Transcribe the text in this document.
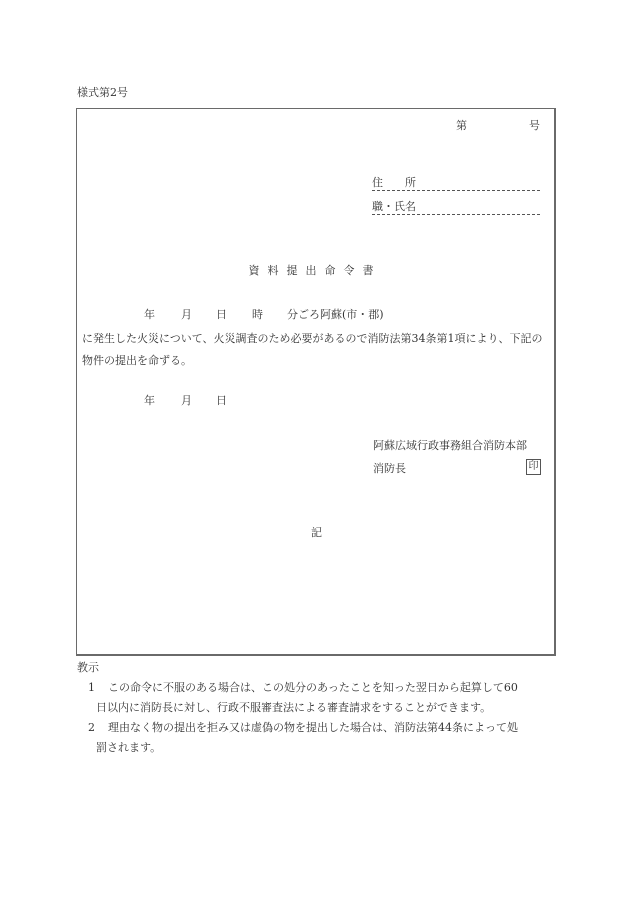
様式第2号
第	号
住　　所
職・氏名
資料提出命令書
年 月 日 時 分ごろ阿蘇(市・郡)
に発生した火災について、火災調査のため必要があるので消防法第34条第1項により、下記の物件の提出を命ずる。
年 月 日
阿蘇広域行政事務組合消防本部
消防長	印
記
教示
1	この命令に不服のある場合は、この処分のあったことを知った翌日から起算して60
日以内に消防長に対し、行政不服審査法による審査請求をすることができます。
2	理由なく物の提出を拒み又は虚偽の物を提出した場合は、消防法第44条によって処
罰されます。
